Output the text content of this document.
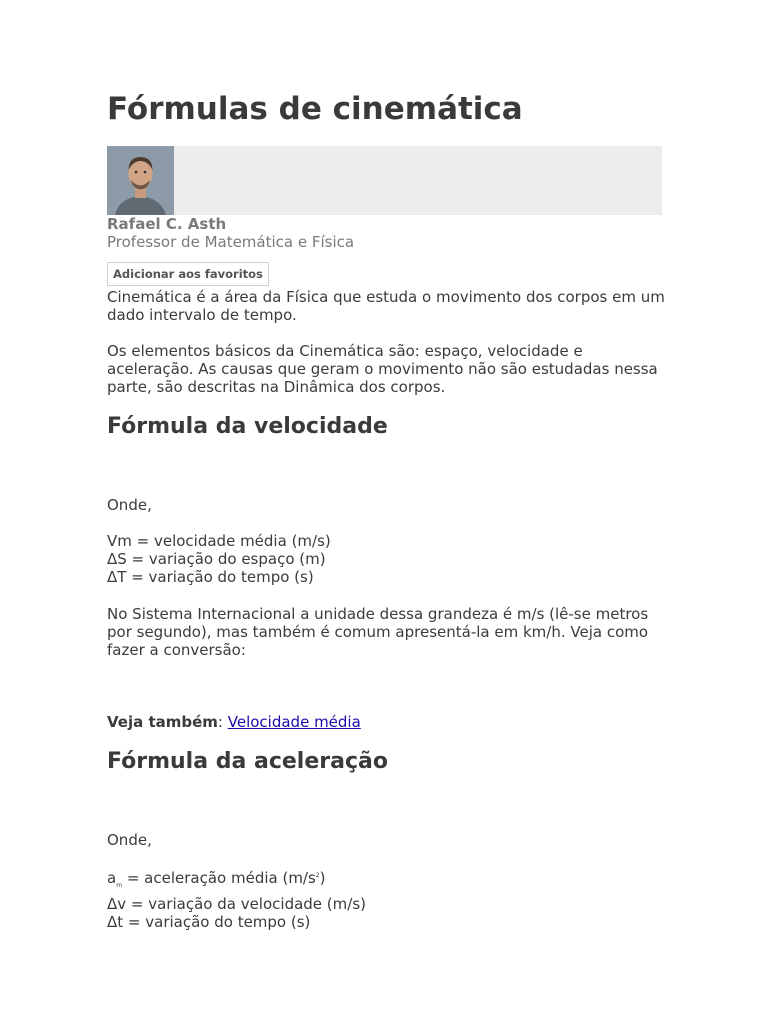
Fórmulas de cinemática
Rafael C. Asth
Professor de Matemática e Física
Adicionar aos favoritos

Cinemática é a área da Física que estuda o movimento dos corpos em um dado intervalo de tempo.

Os elementos básicos da Cinemática são: espaço, velocidade e aceleração. As causas que geram o movimento não são estudadas nessa parte, são descritas na Dinâmica dos corpos.

Fórmula da velocidade

Onde,

Vm = velocidade média (m/s)
ΔS = variação do espaço (m)
ΔT = variação do tempo (s)

No Sistema Internacional a unidade dessa grandeza é m/s (lê-se metros por segundo), mas também é comum apresentá-la em km/h. Veja como fazer a conversão:

Veja também: Velocidade média

Fórmula da aceleração

Onde,

$a_m$ = aceleração média $(m/s^2)$
Δv = variação da velocidade (m/s)
Δt = variação do tempo (s)
